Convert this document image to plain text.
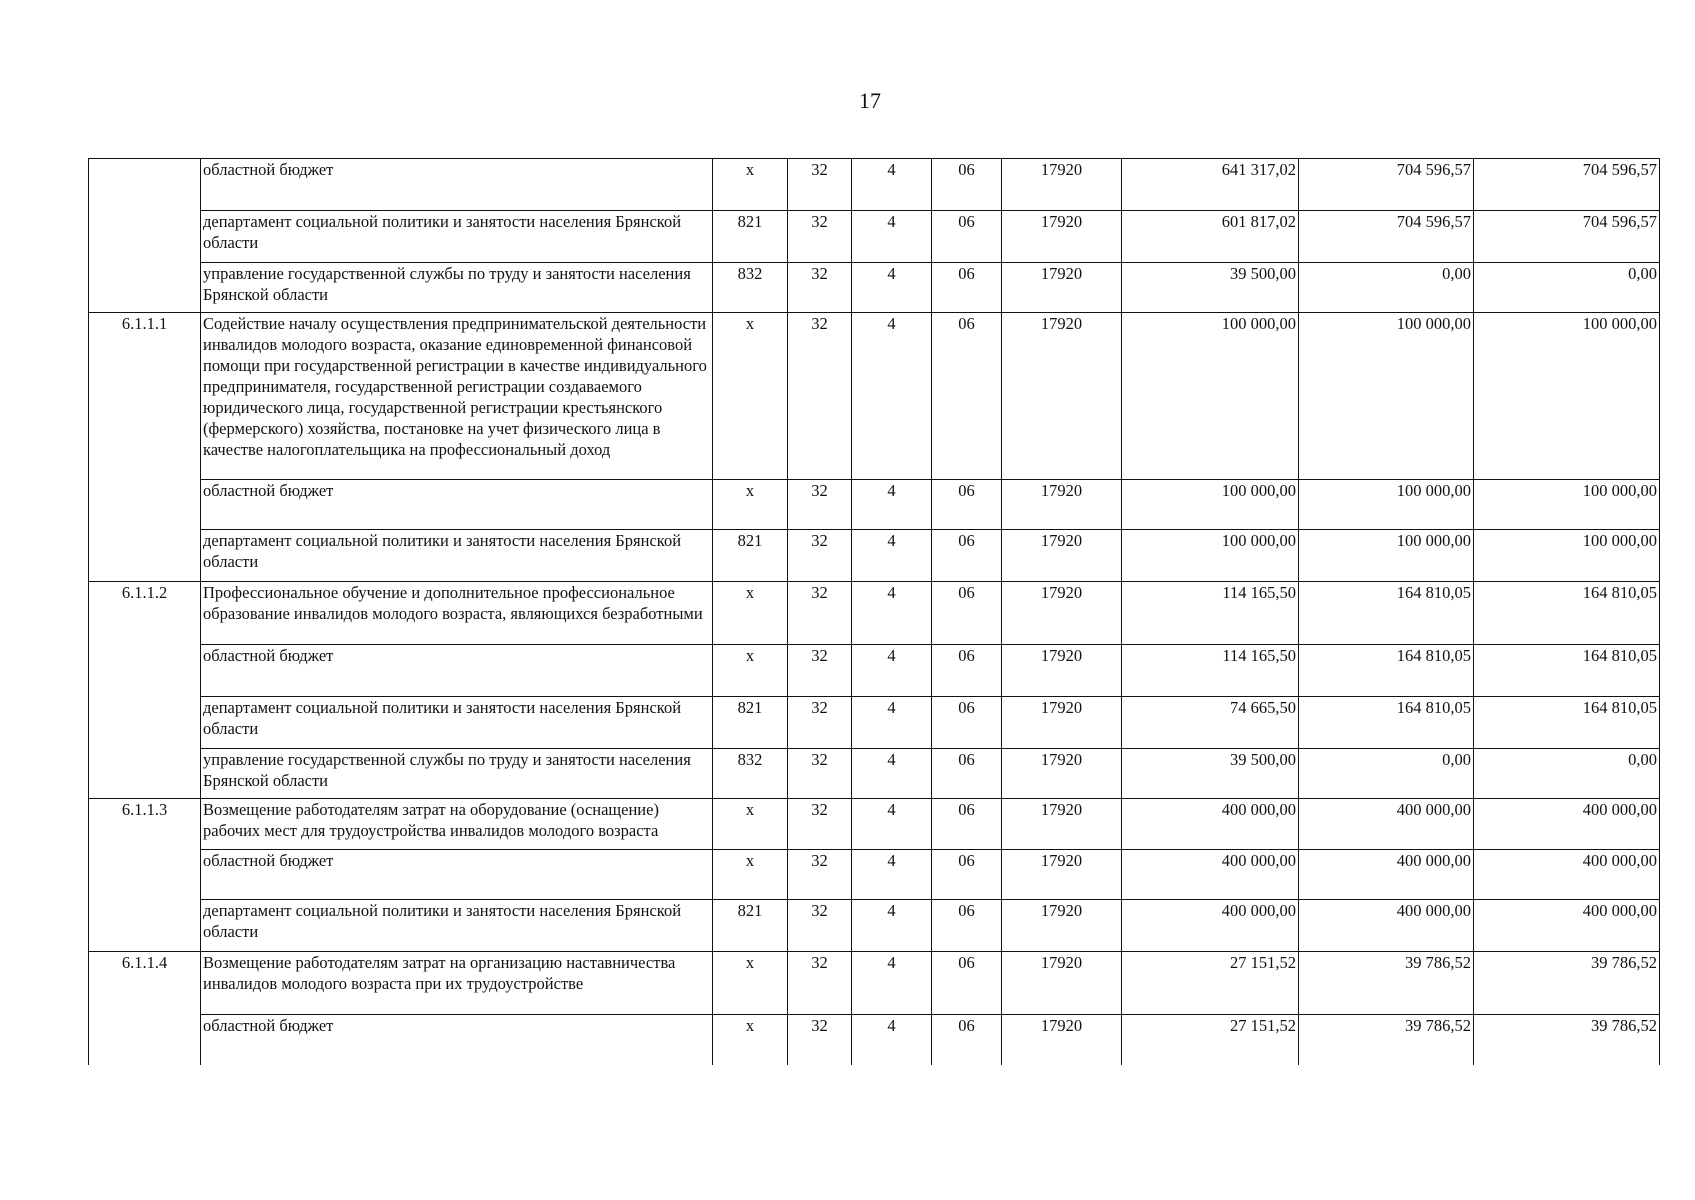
17
	областной бюджет	х	32	4	06	17920	641 317,02	704 596,57	704 596,57
	департамент социальной политики и занятости населения Брянской области	821	32	4	06	17920	601 817,02	704 596,57	704 596,57
	управление государственной службы по труду и занятости населения Брянской области	832	32	4	06	17920	39 500,00	0,00	0,00
6.1.1.1	Содействие началу осуществления предпринимательской деятельности инвалидов молодого возраста, оказание единовременной финансовой помощи при государственной регистрации в качестве индивидуального предпринимателя, государственной регистрации создаваемого юридического лица, государственной регистрации крестьянского (фермерского) хозяйства, постановке на учет физического лица в качестве налогоплательщика на профессиональный доход	х	32	4	06	17920	100 000,00	100 000,00	100 000,00
	областной бюджет	х	32	4	06	17920	100 000,00	100 000,00	100 000,00
	департамент социальной политики и занятости населения Брянской области	821	32	4	06	17920	100 000,00	100 000,00	100 000,00
6.1.1.2	Профессиональное обучение и дополнительное профессиональное образование инвалидов молодого возраста, являющихся безработными	х	32	4	06	17920	114 165,50	164 810,05	164 810,05
	областной бюджет	х	32	4	06	17920	114 165,50	164 810,05	164 810,05
	департамент социальной политики и занятости населения Брянской области	821	32	4	06	17920	74 665,50	164 810,05	164 810,05
	управление государственной службы по труду и занятости населения Брянской области	832	32	4	06	17920	39 500,00	0,00	0,00
6.1.1.3	Возмещение работодателям затрат на оборудование (оснащение) рабочих мест для трудоустройства инвалидов молодого возраста	х	32	4	06	17920	400 000,00	400 000,00	400 000,00
	областной бюджет	х	32	4	06	17920	400 000,00	400 000,00	400 000,00
	департамент социальной политики и занятости населения Брянской области	821	32	4	06	17920	400 000,00	400 000,00	400 000,00
6.1.1.4	Возмещение работодателям затрат на организацию наставничества инвалидов молодого возраста при их трудоустройстве	х	32	4	06	17920	27 151,52	39 786,52	39 786,52
	областной бюджет	х	32	4	06	17920	27 151,52	39 786,52	39 786,52
